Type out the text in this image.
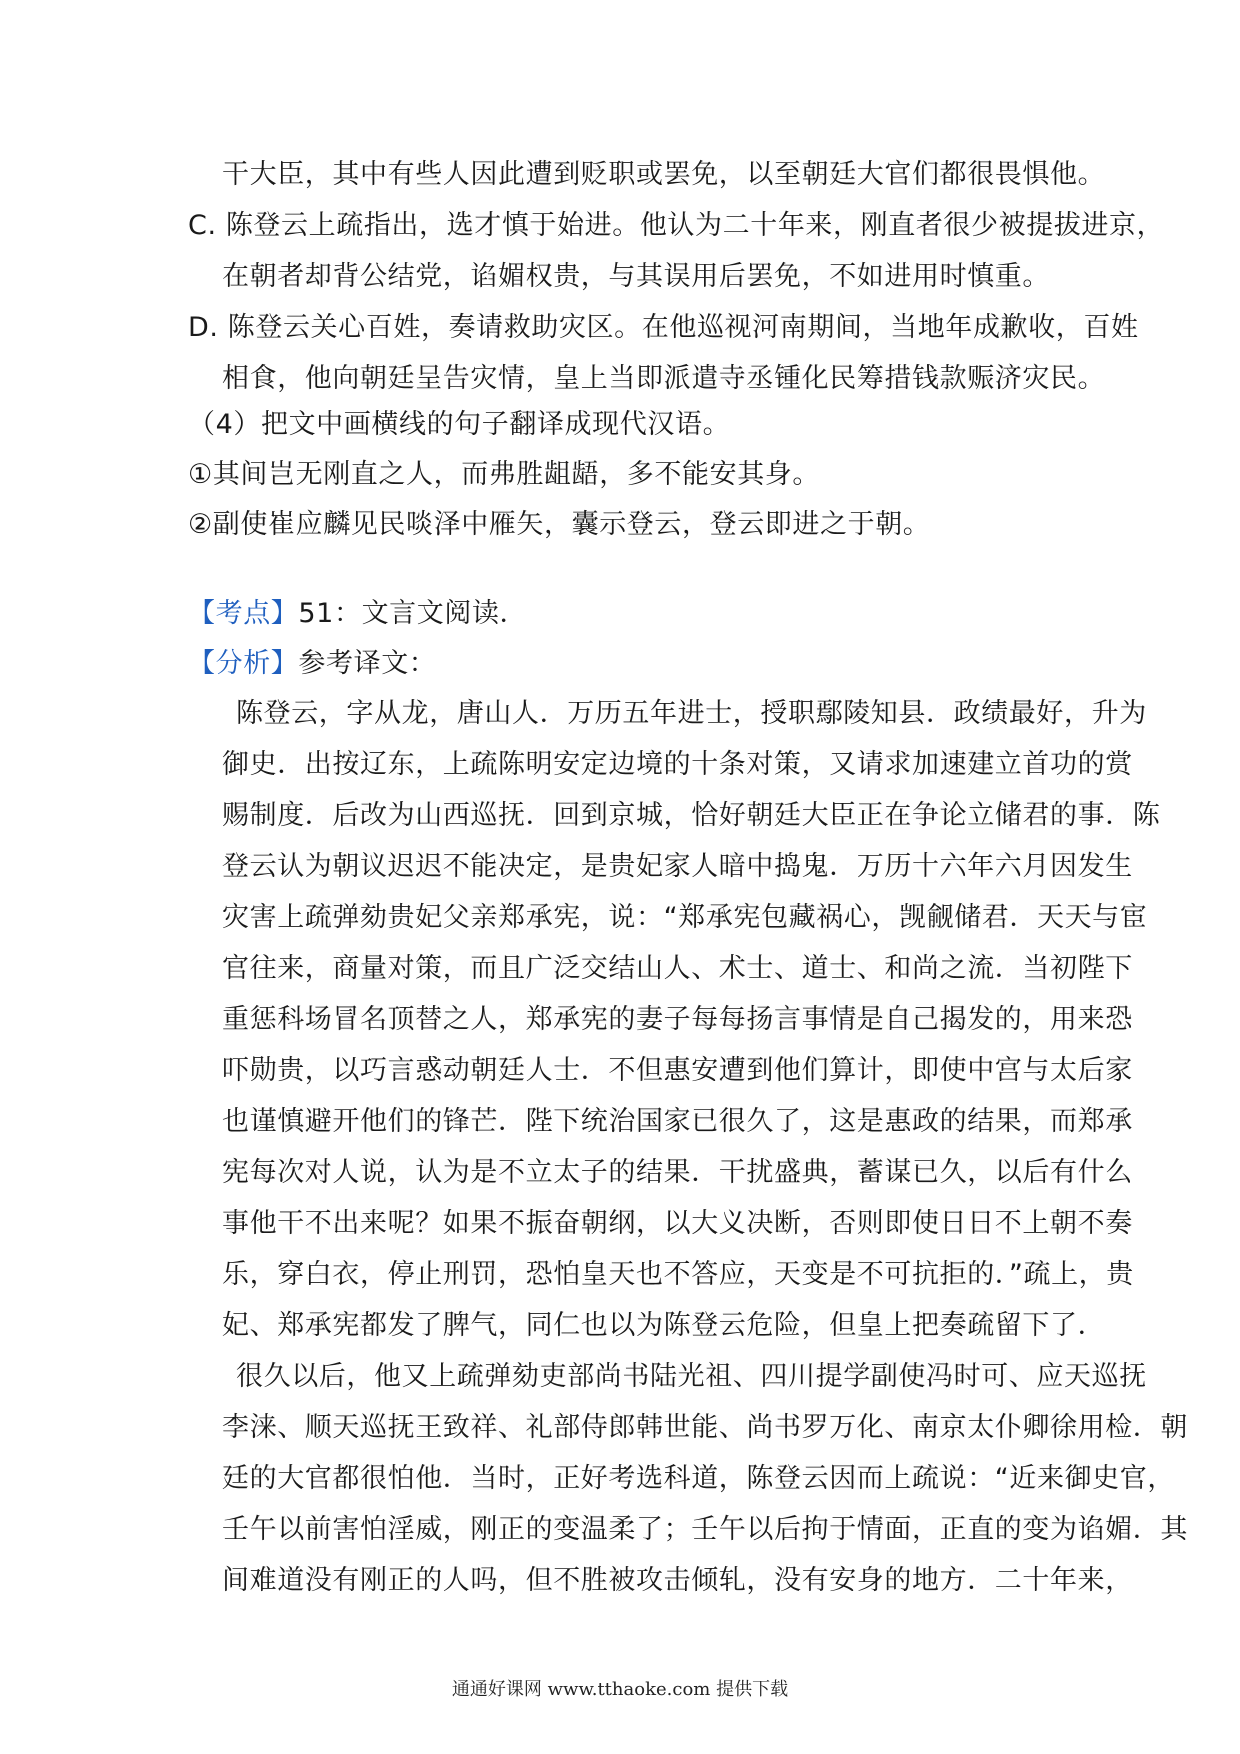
干大臣，其中有些人因此遭到贬职或罢免，以至朝廷大官们都很畏惧他。
C. 陈登云上疏指出，选才慎于始进。他认为二十年来，刚直者很少被提拔进京，
在朝者却背公结党，谄媚权贵，与其误用后罢免，不如进用时慎重。
D. 陈登云关心百姓，奏请救助灾区。在他巡视河南期间，当地年成歉收，百姓
相食，他向朝廷呈告灾情，皇上当即派遣寺丞锺化民筹措钱款赈济灾民。
（4）把文中画横线的句子翻译成现代汉语。
①其间岂无刚直之人，而弗胜龃龉，多不能安其身。
②副使崔应麟见民啖泽中雁矢，囊示登云，登云即进之于朝。
【考点】51：文言文阅读．
【分析】参考译文：
陈登云，字从龙，唐山人．万历五年进士，授职鄢陵知县．政绩最好，升为
御史．出按辽东，上疏陈明安定边境的十条对策，又请求加速建立首功的赏
赐制度．后改为山西巡抚．回到京城，恰好朝廷大臣正在争论立储君的事．陈
登云认为朝议迟迟不能决定，是贵妃家人暗中捣鬼．万历十六年六月因发生
灾害上疏弹劾贵妃父亲郑承宪，说：“郑承宪包藏祸心，觊觎储君．天天与宦
官往来，商量对策，而且广泛交结山人、术士、道士、和尚之流．当初陛下
重惩科场冒名顶替之人，郑承宪的妻子每每扬言事情是自己揭发的，用来恐
吓勋贵，以巧言惑动朝廷人士．不但惠安遭到他们算计，即使中宫与太后家
也谨慎避开他们的锋芒．陛下统治国家已很久了，这是惠政的结果，而郑承
宪每次对人说，认为是不立太子的结果．干扰盛典，蓄谋已久，以后有什么
事他干不出来呢？如果不振奋朝纲，以大义决断，否则即使日日不上朝不奏
乐，穿白衣，停止刑罚，恐怕皇天也不答应，天变是不可抗拒的．”疏上，贵
妃、郑承宪都发了脾气，同仁也以为陈登云危险，但皇上把奏疏留下了．
很久以后，他又上疏弹劾吏部尚书陆光祖、四川提学副使冯时可、应天巡抚
李涞、顺天巡抚王致祥、礼部侍郎韩世能、尚书罗万化、南京太仆卿徐用检．朝
廷的大官都很怕他．当时，正好考选科道，陈登云因而上疏说：“近来御史官，
壬午以前害怕淫威，刚正的变温柔了；壬午以后拘于情面，正直的变为谄媚．其
间难道没有刚正的人吗，但不胜被攻击倾轧，没有安身的地方．二十年来，
通通好课网 www.tthaoke.com 提供下载
